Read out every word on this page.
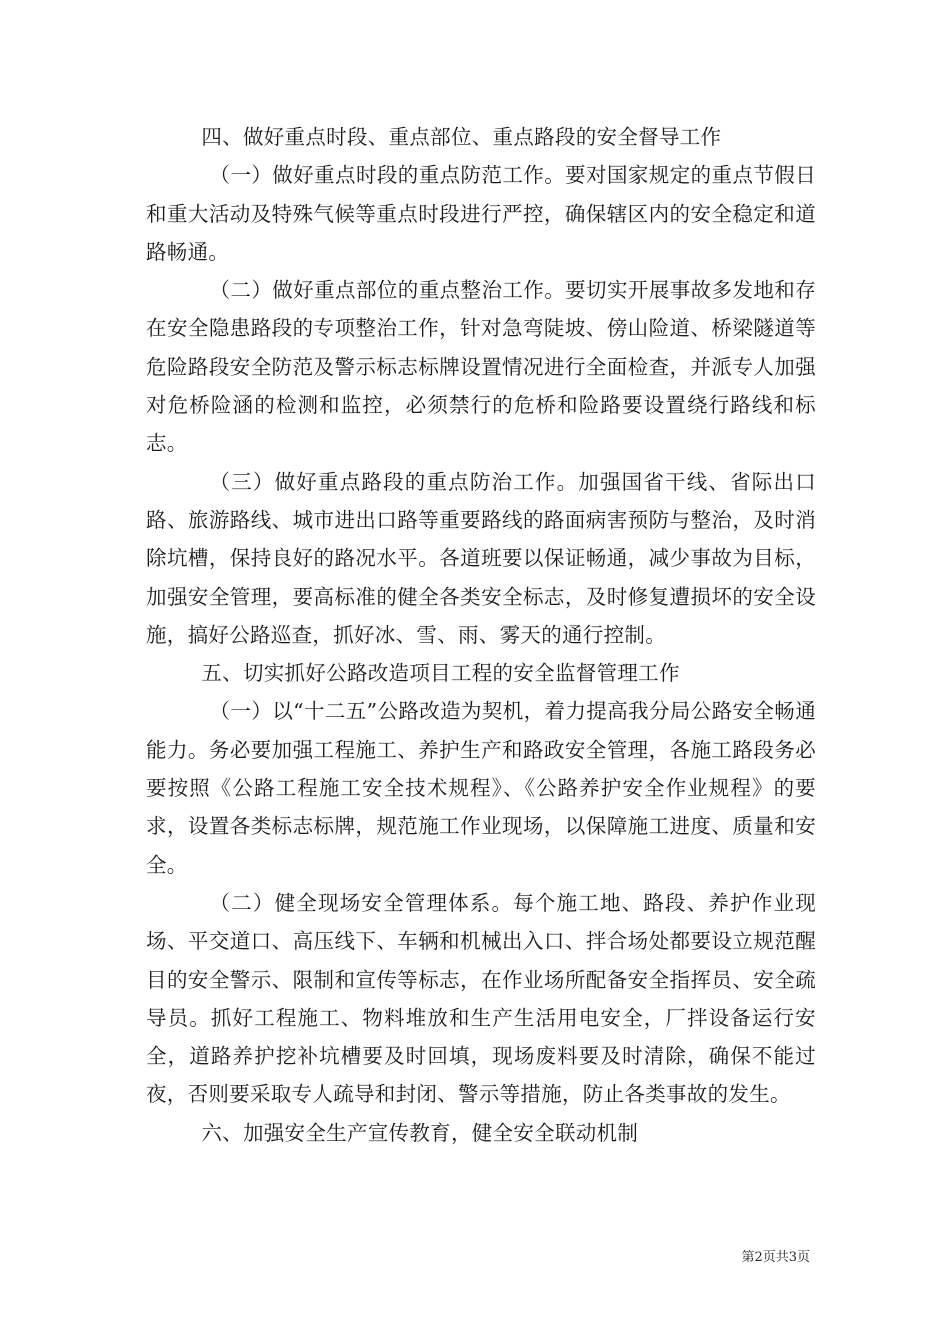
四、做好重点时段、重点部位、重点路段的安全督导工作

（一）做好重点时段的重点防范工作。要对国家规定的重点节假日和重大活动及特殊气候等重点时段进行严控，确保辖区内的安全稳定和道路畅通。

（二）做好重点部位的重点整治工作。要切实开展事故多发地和存在安全隐患路段的专项整治工作，针对急弯陡坡、傍山险道、桥梁隧道等危险路段安全防范及警示标志标牌设置情况进行全面检查，并派专人加强对危桥险涵的检测和监控，必须禁行的危桥和险路要设置绕行路线和标志。

（三）做好重点路段的重点防治工作。加强国省干线、省际出口路、旅游路线、城市进出口路等重要路线的路面病害预防与整治，及时消除坑槽，保持良好的路况水平。各道班要以保证畅通，减少事故为目标，加强安全管理，要高标准的健全各类安全标志，及时修复遭损坏的安全设施，搞好公路巡查，抓好冰、雪、雨、雾天的通行控制。

五、切实抓好公路改造项目工程的安全监督管理工作

（一）以“十二五”公路改造为契机，着力提高我分局公路安全畅通能力。务必要加强工程施工、养护生产和路政安全管理，各施工路段务必要按照《公路工程施工安全技术规程》、《公路养护安全作业规程》的要求，设置各类标志标牌，规范施工作业现场，以保障施工进度、质量和安全。

（二）健全现场安全管理体系。每个施工地、路段、养护作业现场、平交道口、高压线下、车辆和机械出入口、拌合场处都要设立规范醒目的安全警示、限制和宣传等标志，在作业场所配备安全指挥员、安全疏导员。抓好工程施工、物料堆放和生产生活用电安全，厂拌设备运行安全，道路养护挖补坑槽要及时回填，现场废料要及时清除，确保不能过夜，否则要采取专人疏导和封闭、警示等措施，防止各类事故的发生。

六、加强安全生产宣传教育，健全安全联动机制

第2页共3页
